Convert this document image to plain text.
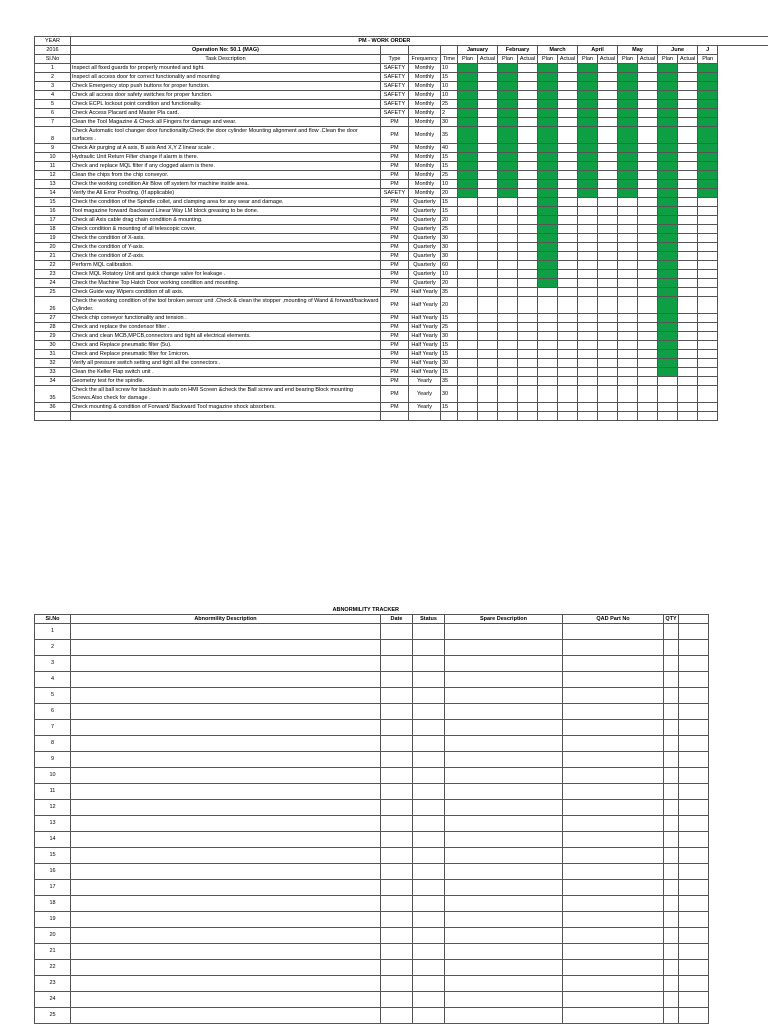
YEAR	PM - WORK ORDER																	
2016	Operation No: 50.1 (MAG)				January		February		March		April		May		June		J	
Sl.No	Task Description	Type	Frequency	Time	Plan	Actual	Plan	Actual	Plan	Actual	Plan	Actual	Plan	Actual	Plan	Actual	Plan	
1	Inspect all fixed guards for properly mounted and tight.	SAFETY	Monthly	10														
2	Inspect all access door for correct functionality and mounting	SAFETY	Monthly	15														
3	Check Emergency stop push buttons for proper function.	SAFETY	Monthly	10														
4	Check all access door safety switches for proper function.	SAFETY	Monthly	10														
5	Check ECPL lockout point condition and functionality.	SAFETY	Monthly	25														
6	Check Access Placard and Master Pla card.	SAFETY	Monthly	2														
7	Clean the Tool Magazine & Check all Fingers for damage and wear.	PM	Monthly	30														
8	Check Automatic tool changer door functionality.Check the door cylinder Mounting alignment and flow .Clean the door surfaces .	PM	Monthly	35														
9	Check Air purging at A axis, B axis And X,Y Z linear scale .	PM	Monthly	40														
10	Hydraulic Unit Return Filter change if alarm is there.	PM	Monthly	15														
11	Check and replace MQL filter if any clogged alarm is there.	PM	Monthly	15														
12	Clean the chips from the chip conveyor.	PM	Monthly	25														
13	Check the working condition Air Blow off system for machine inside area.	PM	Monthly	10														
14	Verify the All Error Proofing. (If applicable)	SAFETY	Monthly	20														
15	Check the condition of the Spindle collet, and clamping area for any wear and damage.	PM	Quarterly	15														
16	Tool magazine forward /backward Linear Way LM block greasing to be done.	PM	Quarterly	15														
17	Check all Axis cable drag chain condition & mounting.	PM	Quarterly	20														
18	Check condition & mounting of all telescopic cover.	PM	Quarterly	25														
19	Check the condition of X-axis.	PM	Quarterly	30														
20	Check the condition of Y-axis.	PM	Quarterly	30														
21	Check the condition of Z-axis.	PM	Quarterly	30														
22	Perform MQL calibration.	PM	Quarterly	60														
23	Check MQL Rotatory Unit and quick change valve for leakage .	PM	Quarterly	10														
24	Check the Machine Top Hatch Door working condition and mounting.	PM	Quarterly	20														
25	Check Guide way Wipers condition of all axis.	PM	Half Yearly	35														
26	Check the working condition of the tool broken sensor unit .Check & clean the stopper ,mounting of Wand & forward/backward Cylinder.	PM	Half Yearly	20														
27	Check chip conveyor functionality and tension .	PM	Half Yearly	15														
28	Check and replace the condensor filter .	PM	Half Yearly	25														
29	Check and clean MCB,MPCB,connectors and tight all electrical elements.	PM	Half Yearly	30														
30	Check and Replace pneumatic filter (5u).	PM	Half Yearly	15														
31	Check and Replace pneumatic filter for 1micron.	PM	Half Yearly	15														
32	Verify all pressure switch setting and tight all the connectors .	PM	Half Yearly	30														
33	Clean the Keller Flap switch unit .	PM	Half Yearly	15														
34	Geometry test for the spindle.	PM	Yearly	35														
35	Check the all ball screw for backlash in auto on HMI Screen &check the Ball screw and end bearing Block mounting Screws.Also check for damage .	PM	Yearly	30														
36	Check mounting & condition of Forward/ Backward Tool magazine shock absorbers.	PM	Yearly	15														

	ABNORMILITY TRACKER						
Sl.No	Abnormility Description	Date	Status	Spare Description	QAD Part No	QTY	
1							
2							
3							
4							
5							
6							
7							
8							
9							
10							
11							
12							
13							
14							
15							
16							
17							
18							
19							
20							
21							
22							
23							
24							
25							
